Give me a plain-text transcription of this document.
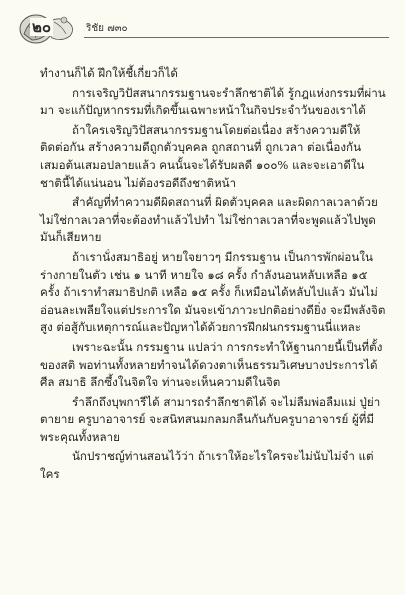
๒๐	ริชัย ๗๓๐

ทำงานก็ได้ ฝึกให้ชี้เกี่ยวก็ได้

การเจริญวิปัสสนากรรมฐานจะรำลึกชาติได้ รู้กฎแห่งกรรมที่ผ่านมา จะแก้ปัญหากรรมที่เกิดขึ้นเฉพาะหน้าในกิจประจำวันของเราได้

ถ้าใครเจริญวิปัสสนากรรมฐานโดยต่อเนื่อง สร้างความดีให้ติดต่อกัน สร้างความดีถูกตัวบุคคล ถูกสถานที่ ถูกเวลา ต่อเนื่องกันเสมอต้นเสมอปลายแล้ว คนนั้นจะได้รับผลดี ๑๐๐% และจะเอาดีในชาตินี้ได้แน่นอน ไม่ต้องรอดีถึงชาติหน้า

สำคัญที่ทำความดีผิดสถานที่ ผิดตัวบุคคล และผิดกาลเวลาด้วย ไม่ใช่กาลเวลาที่จะต้องทำแล้วไปทำ ไม่ใช่กาลเวลาที่จะพูดแล้วไปพูด มันก็เสียหาย

ถ้าเรานั่งสมาธิอยู่ หายใจยาวๆ มีกรรมฐาน เป็นการพักผ่อนในร่างกายในตัว เช่น ๑ นาที หายใจ ๑๘ ครั้ง กำลังนอนหลับเหลือ ๑๕ ครั้ง ถ้าเราทำสมาธิปกติ เหลือ ๑๕ ครั้ง ก็เหมือนได้หลับไปแล้ว มันไม่อ่อนละเพลียใจแต่ประการใด มันจะเข้าภาวะปกติอย่างดียิ่ง จะมีพลังจิตสูง ต่อสู้กับเหตุการณ์และปัญหาได้ด้วยการฝึกฝนกรรมฐานนี่แหละ

เพราะฉะนั้น กรรมฐาน แปลว่า การกระทำให้ฐานกายนี้เป็นที่ตั้งของสติ พอท่านทั้งหลายทำจนได้ดวงตาเห็นธรรมวิเศษบางประการได้ศีล สมาธิ ลึกซึ้งในจิตใจ ท่านจะเห็นความดีในจิต

รำลึกถึงบุพการีได้ สามารถรำลึกชาติได้ จะไม่ลืมพ่อลืมแม่ ปู่ย่าตายาย ครูบาอาจารย์ จะสนิทสนมกลมกลืนกันกับครูบาอาจารย์ ผู้ที่มีพระคุณทั้งหลาย

นักปราชญ์ท่านสอนไว้ว่า ถ้าเราให้อะไรใครจะไม่นับไม่จำ แต่ใคร
